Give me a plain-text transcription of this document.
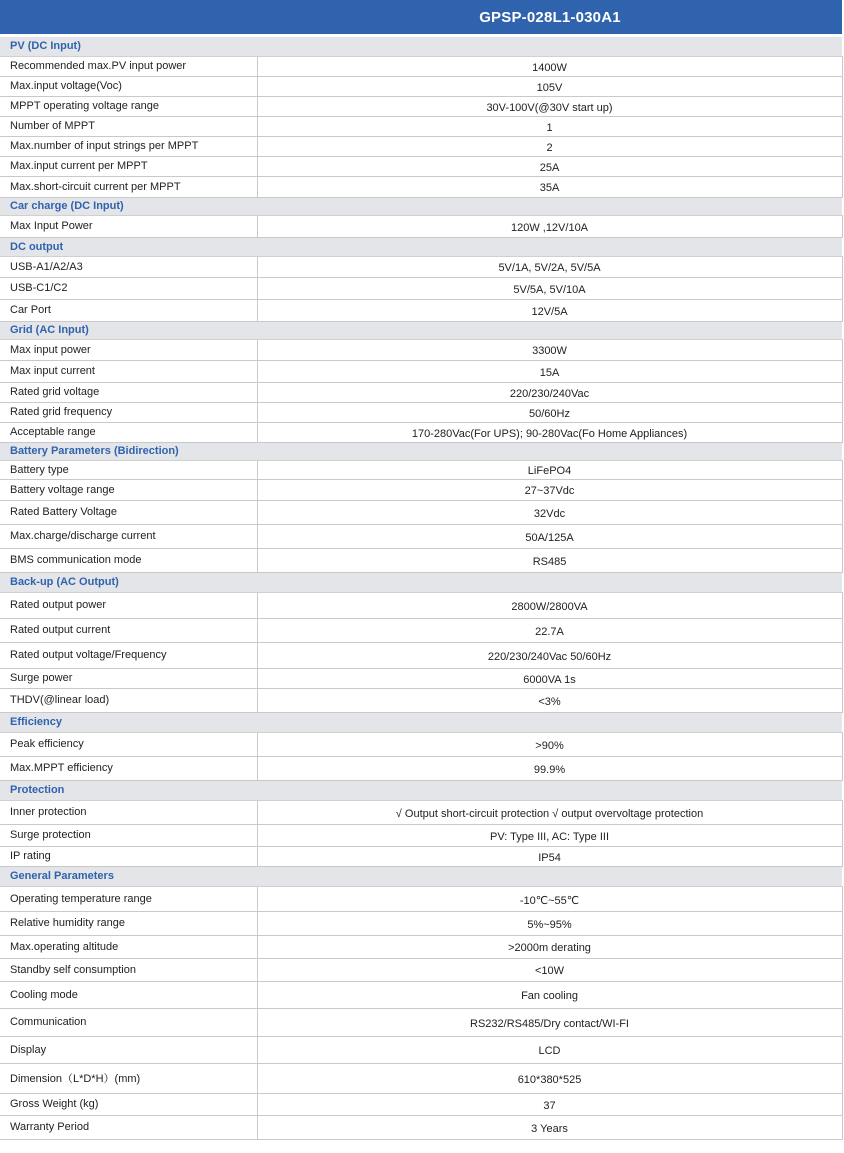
GPSP-028L1-030A1
PV (DC Input)	
Recommended max.PV input power	1400W
Max.input voltage(Voc)	105V
MPPT operating voltage range	30V-100V(@30V start up)
Number of MPPT	1
Max.number of input strings per MPPT	2
Max.input current per MPPT	25A
Max.short-circuit current per MPPT	35A
Car charge (DC Input)	
Max Input Power	120W ,12V/10A
DC output	
USB-A1/A2/A3	5V/1A, 5V/2A, 5V/5A
USB-C1/C2	5V/5A, 5V/10A
Car Port	12V/5A
Grid (AC Input)	
Max input power	3300W
Max input current	15A
Rated grid voltage	220/230/240Vac
Rated grid frequency	50/60Hz
Acceptable range	170-280Vac(For UPS); 90-280Vac(Fo Home Appliances)
Battery Parameters (Bidirection)	
Battery type	LiFePO4
Battery voltage range	27~37Vdc
Rated Battery Voltage	32Vdc
Max.charge/discharge current	50A/125A
BMS communication mode	RS485
Back-up (AC Output)	
Rated output power	2800W/2800VA
Rated output current	22.7A
Rated output voltage/Frequency	220/230/240Vac 50/60Hz
Surge power	6000VA 1s
THDV(@linear load)	<3%
Efficiency	
Peak efficiency	>90%
Max.MPPT efficiency	99.9%
Protection	
Inner protection	√ Output short-circuit protection √ output overvoltage protection
Surge protection	PV: Type III, AC: Type III
IP rating	IP54
General Parameters	
Operating temperature range	-10℃~55℃
Relative humidity range	5%~95%
Max.operating altitude	>2000m derating
Standby self consumption	<10W
Cooling mode	Fan cooling
Communication	RS232/RS485/Dry contact/WI-FI
Display	LCD
Dimension（L*D*H）(mm)	610*380*525
Gross Weight (kg)	37
Warranty Period	3 Years
